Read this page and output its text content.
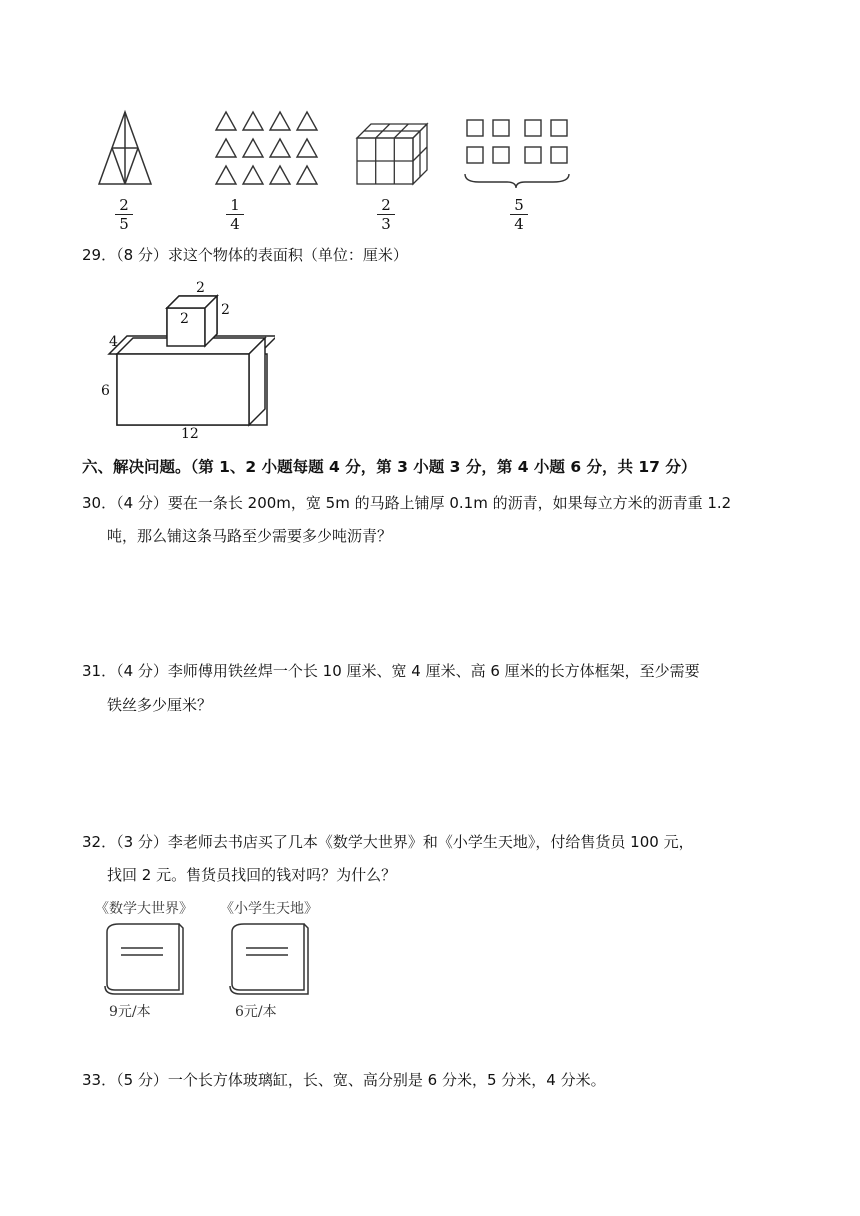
2
5
1
4
2
3
5
4
29．（8 分）求这个物体的表面积（单位：厘米）
2
2
2
4
6
12
六、解决问题。（第 1、2 小题每题 4 分，第 3 小题 3 分，第 4 小题 6 分，共 17 分）
30．（4 分）要在一条长 200m，宽 5m 的马路上铺厚 0.1m 的沥青，如果每立方米的沥青重 1.2
吨，那么铺这条马路至少需要多少吨沥青？
31．（4 分）李师傅用铁丝焊一个长 10 厘米、宽 4 厘米、高 6 厘米的长方体框架，至少需要
铁丝多少厘米？
32．（3 分）李老师去书店买了几本《数学大世界》和《小学生天地》，付给售货员 100 元，
找回 2 元。售货员找回的钱对吗？为什么？
《数学大世界》 《小学生天地》
9元/本	6元/本
33．（5 分）一个长方体玻璃缸，长、宽、高分别是 6 分米，5 分米，4 分米。
